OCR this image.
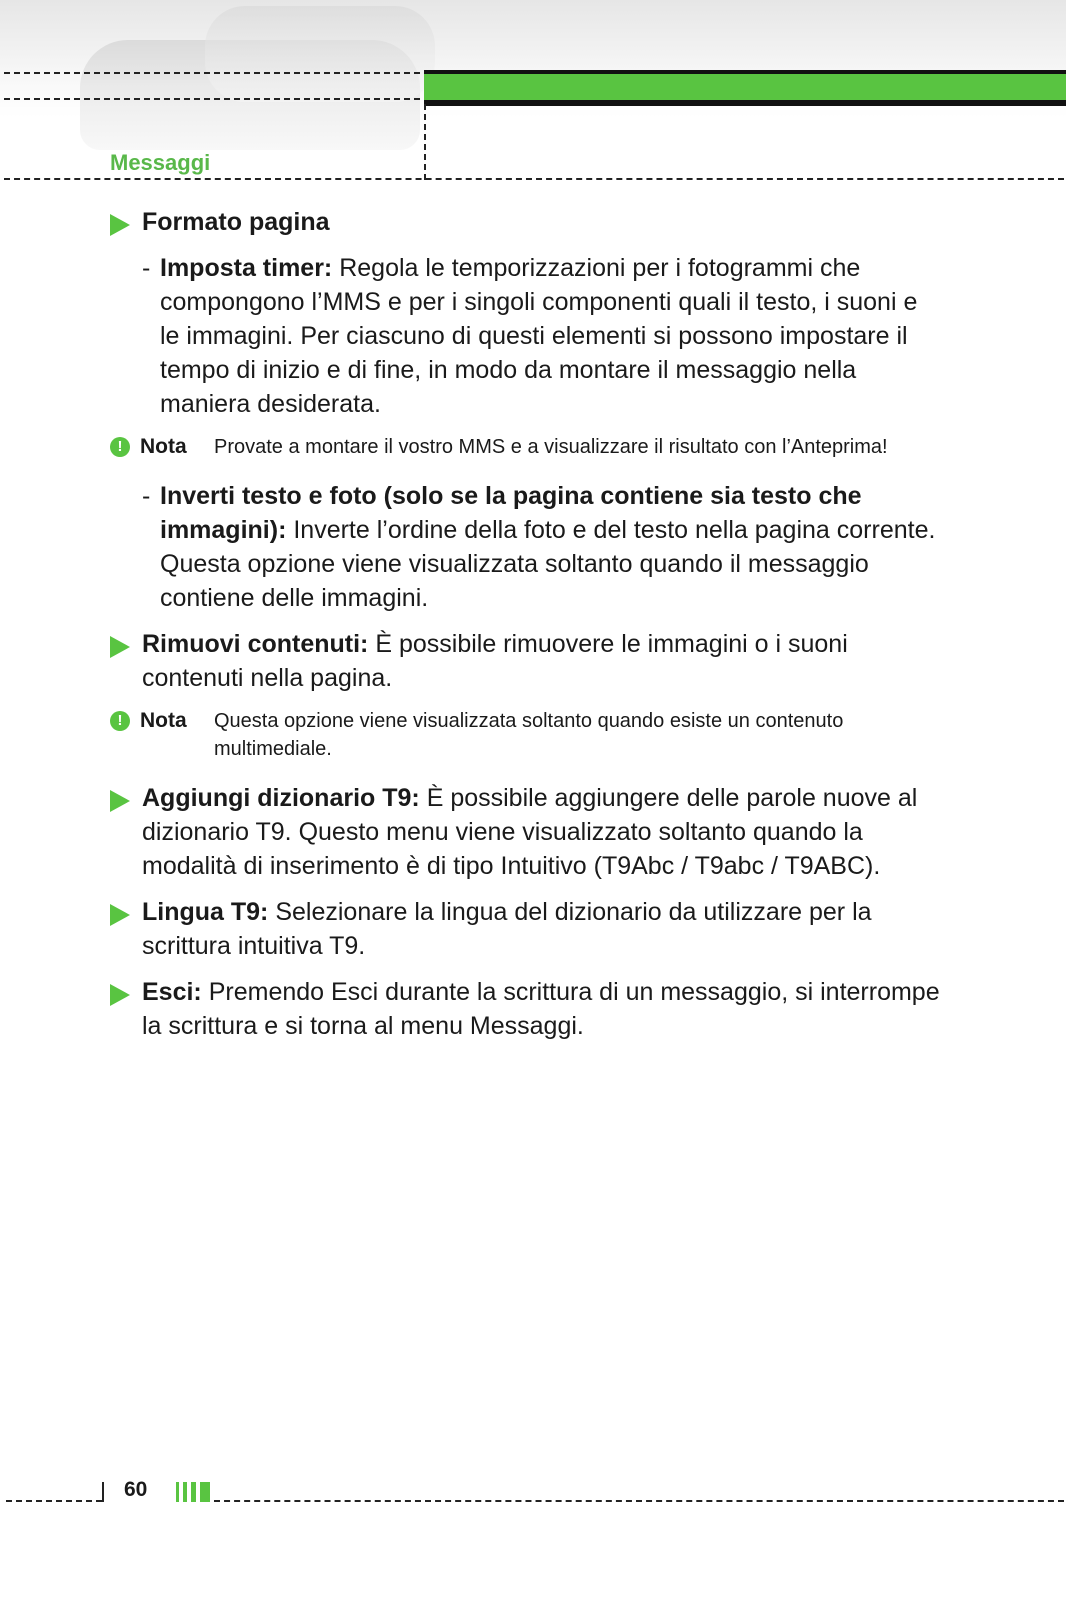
Messaggi
Formato pagina
- Imposta timer: Regola le temporizzazioni per i fotogrammi che compongono l’MMS e per i singoli componenti quali il testo, i suoni e le immagini. Per ciascuno di questi elementi si possono impostare il tempo di inizio e di fine, in modo da montare il messaggio nella maniera desiderata.
! Nota Provate a montare il vostro MMS e a visualizzare il risultato con l’Anteprima!
- Inverti testo e foto (solo se la pagina contiene sia testo che immagini): Inverte l’ordine della foto e del testo nella pagina corrente. Questa opzione viene visualizzata soltanto quando il messaggio contiene delle immagini.
Rimuovi contenuti: È possibile rimuovere le immagini o i suoni contenuti nella pagina.
! Nota Questa opzione viene visualizzata soltanto quando esiste un contenuto multimediale.
Aggiungi dizionario T9: È possibile aggiungere delle parole nuove al dizionario T9. Questo menu viene visualizzato soltanto quando la modalità di inserimento è di tipo Intuitivo (T9Abc / T9abc / T9ABC).
Lingua T9: Selezionare la lingua del dizionario da utilizzare per la scrittura intuitiva T9.
Esci: Premendo Esci durante la scrittura di un messaggio, si interrompe la scrittura e si torna al menu Messaggi.
60
